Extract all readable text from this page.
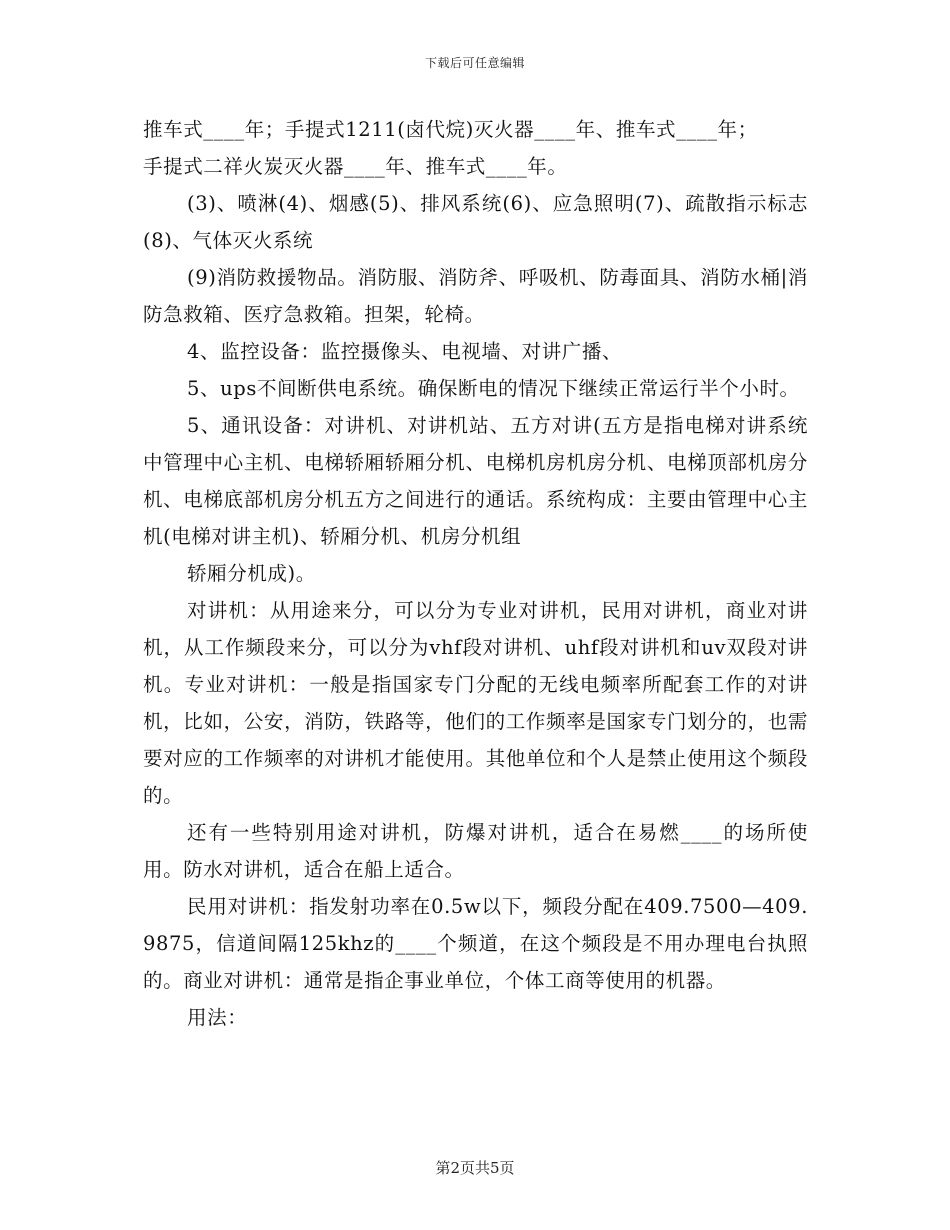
下载后可任意编辑

推车式____年；手提式1211(卤代烷)灭火器____年、推车式____年；
手提式二祥火炭灭火器____年、推车式____年。

(3)、喷淋(4)、烟感(5)、排风系统(6)、应急照明(7)、疏散指示标志(8)、气体灭火系统

(9)消防救援物品。消防服、消防斧、呼吸机、防毒面具、消防水桶|消防急救箱、医疗急救箱。担架，轮椅。

4、监控设备：监控摄像头、电视墙、对讲广播、

5、ups不间断供电系统。确保断电的情况下继续正常运行半个小时。

5、通讯设备：对讲机、对讲机站、五方对讲(五方是指电梯对讲系统中管理中心主机、电梯轿厢轿厢分机、电梯机房机房分机、电梯顶部机房分机、电梯底部机房分机五方之间进行的通话。系统构成：主要由管理中心主机(电梯对讲主机)、轿厢分机、机房分机组

轿厢分机成)。

对讲机：从用途来分，可以分为专业对讲机，民用对讲机，商业对讲机，从工作频段来分，可以分为vhf段对讲机、uhf段对讲机和uv双段对讲机。专业对讲机：一般是指国家专门分配的无线电频率所配套工作的对讲机，比如，公安，消防，铁路等，他们的工作频率是国家专门划分的，也需要对应的工作频率的对讲机才能使用。其他单位和个人是禁止使用这个频段的。

还有一些特别用途对讲机，防爆对讲机，适合在易燃____的场所使用。防水对讲机，适合在船上适合。

民用对讲机：指发射功率在0.5w以下，频段分配在409.7500—409.9875，信道间隔125khz的____个频道，在这个频段是不用办理电台执照的。商业对讲机：通常是指企事业单位，个体工商等使用的机器。

用法：

第2页共5页
